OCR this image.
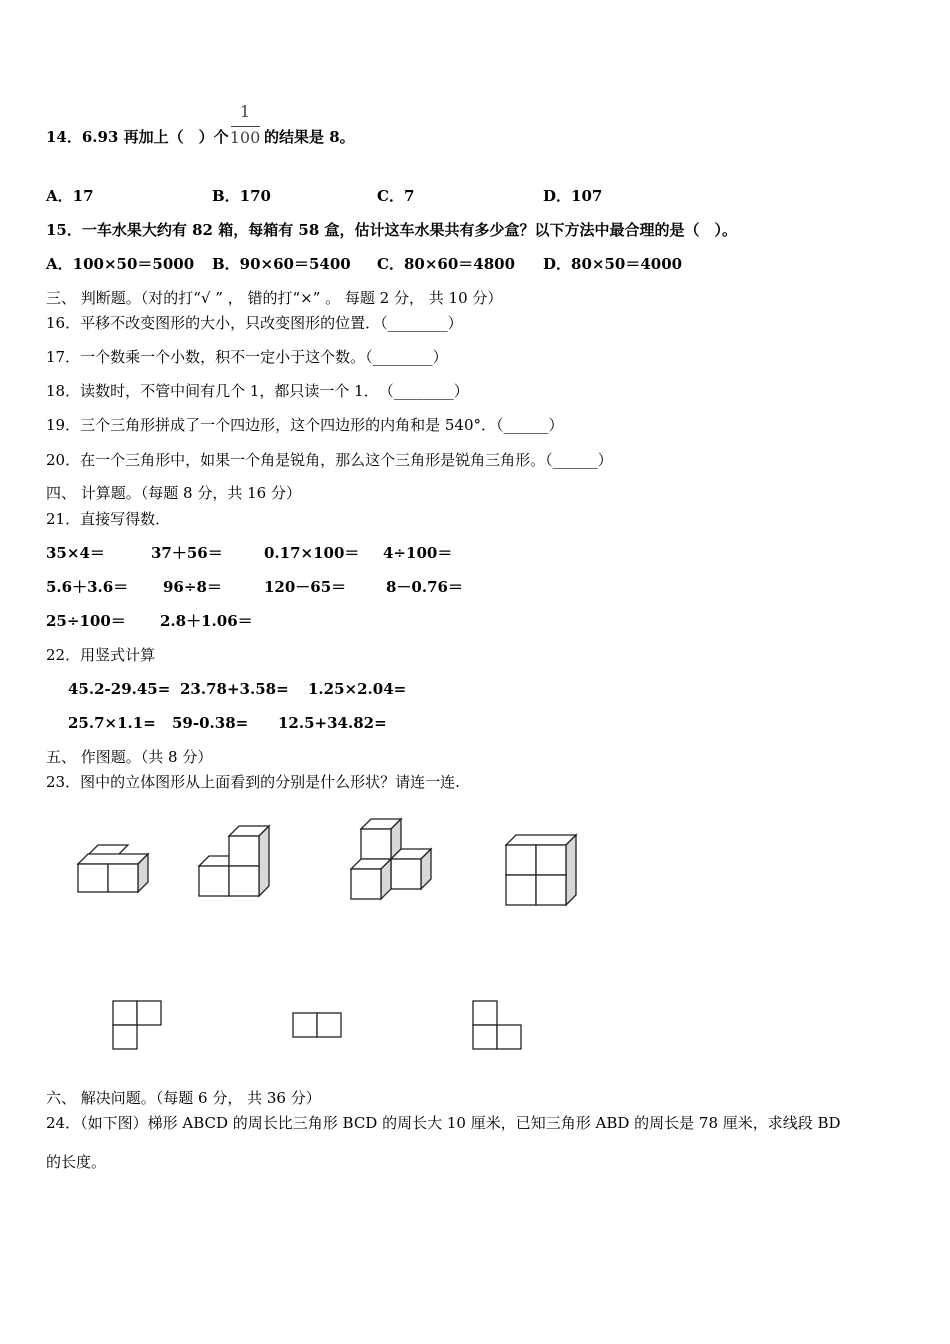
14．6.93 再加上（　）个
1
100 的结果是 8。
A．17	B．170	C．7	D．107
15．一车水果大约有 82 箱，每箱有 58 盒，估计这车水果共有多少盒？以下方法中最合理的是（　）。
A．100×50＝5000 B．90×60＝5400 C．80×60＝4800 D．80×50＝4000
三、 判断题。（对的打“√ ” ， 错的打“×” 。 每题 2 分， 共 10 分）
16．平移不改变图形的大小，只改变图形的位置．（________）
17．一个数乘一个小数，积不一定小于这个数。（________）
18．读数时，不管中间有几个 1，都只读一个 1．　（________）
19．三个三角形拼成了一个四边形，这个四边形的内角和是 540°．（______）
20．在一个三角形中，如果一个角是锐角，那么这个三角形是锐角三角形。（______）
四、 计算题。（每题 8 分，共 16 分）
21．直接写得数．
35×4＝	37＋56＝	0.17×100＝ 4÷100＝
5.6＋3.6＝ 96÷8＝	120－65＝	8－0.76＝
25÷100＝ 2.8＋1.06＝
22．用竖式计算
45.2-29.45= 23.78+3.58= 1.25×2.04=
25.7×1.1= 59-0.38= 12.5+34.82=
五、 作图题。（共 8 分）
23．图中的立体图形从上面看到的分别是什么形状？请连一连.
六、 解决问题。（每题 6 分， 共 36 分）
24．（如下图）梯形 ABCD 的周长比三角形 BCD 的周长大 10 厘米，已知三角形 ABD 的周长是 78 厘米，求线段 BD
的长度。
